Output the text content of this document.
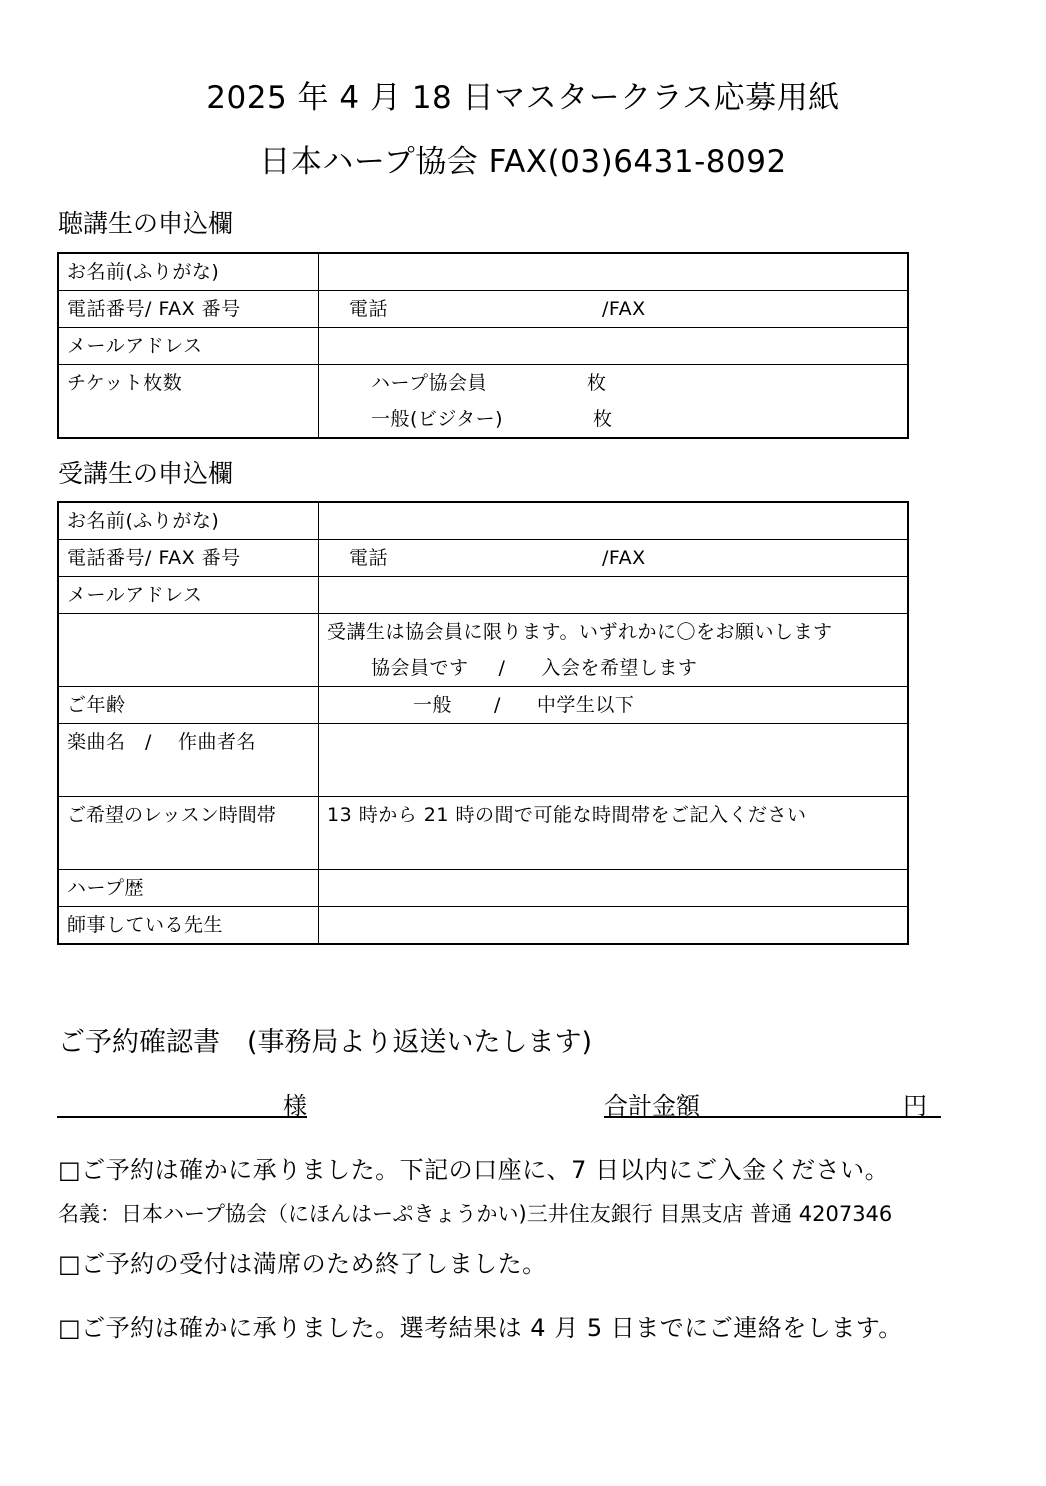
2025 年 4 月 18 日マスタークラス応募用紙
日本ハープ協会 FAX(03)6431-8092
聴講生の申込欄
お名前(ふりがな)	
電話番号/ FAX 番号	電話 /FAX
メールアドレス	
チケット枚数	ハープ協会員 枚
一般(ビジター) 枚
受講生の申込欄
お名前(ふりがな)	
電話番号/ FAX 番号	電話 /FAX
メールアドレス	

	受講生は協会員に限ります。いずれかに〇をお願いします
協会員です / 入会を希望します

ご年齢	一般 / 中学生以下
楽曲名　/　 作曲者名	
ご希望のレッスン時間帯	13 時から 21 時の間で可能な時間帯をご記入ください
ハープ歴	
師事している先生	
ご予約確認書　(事務局より返送いたします)
様	合計金額	円
□ご予約は確かに承りました。下記の口座に、7 日以内にご入金ください。
名義：日本ハープ協会（にほんはーぷきょうかい)三井住友銀行 目黒支店 普通 4207346
□ご予約の受付は満席のため終了しました。
□ご予約は確かに承りました。選考結果は 4 月 5 日までにご連絡をします。
